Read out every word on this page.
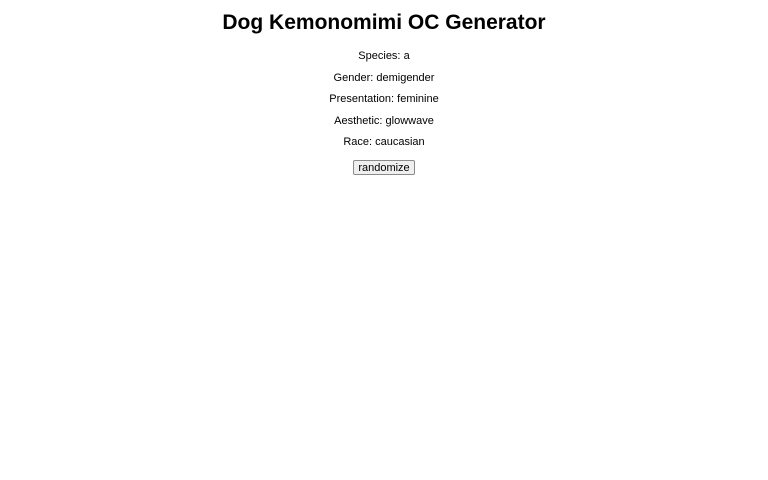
Dog Kemonomimi OC Generator

Species: a

Gender: demigender

Presentation: feminine

Aesthetic: glowwave

Race: caucasian

randomize
